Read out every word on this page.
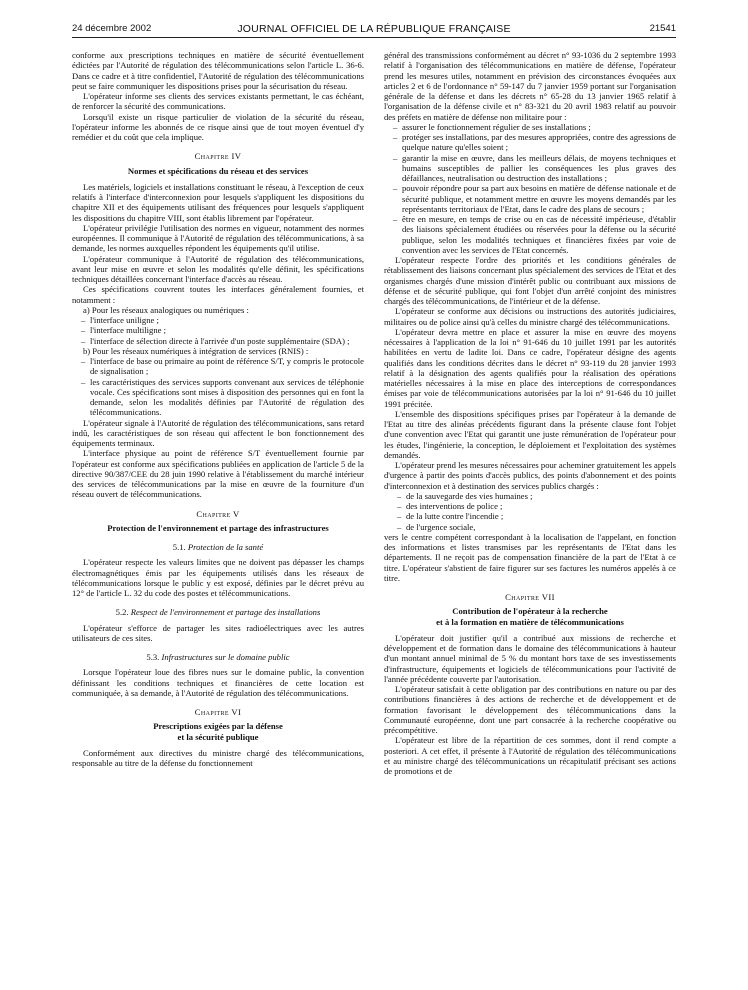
24 décembre 2002	JOURNAL OFFICIEL DE LA RÉPUBLIQUE FRANÇAISE	21541

conforme aux prescriptions techniques en matière de sécurité éventuellement édictées par l'Autorité de régulation des télécommunications selon l'article L. 36-6. Dans ce cadre et à titre confidentiel, l'Autorité de régulation des télécommunications peut se faire communiquer les dispositions prises pour la sécurisation du réseau.

L'opérateur informe ses clients des services existants permettant, le cas échéant, de renforcer la sécurité des communications.

Lorsqu'il existe un risque particulier de violation de la sécurité du réseau, l'opérateur informe les abonnés de ce risque ainsi que de tout moyen éventuel d'y remédier et du coût que cela implique.

Chapitre IV
Normes et spécifications du réseau et des services

Les matériels, logiciels et installations constituant le réseau, à l'exception de ceux relatifs à l'interface d'interconnexion pour lesquels s'appliquent les dispositions du chapitre XII et des équipements utilisant des fréquences pour lesquels s'appliquent les dispositions du chapitre VIII, sont établis librement par l'opérateur.

L'opérateur privilégie l'utilisation des normes en vigueur, notamment des normes européennes. Il communique à l'Autorité de régulation des télécommunications, à sa demande, les normes auxquelles répondent les équipements qu'il utilise.

L'opérateur communique à l'Autorité de régulation des télécommunications, avant leur mise en œuvre et selon les modalités qu'elle définit, les spécifications techniques détaillées concernant l'interface d'accès au réseau.

Ces spécifications couvrent toutes les interfaces généralement fournies, et notamment :

a) Pour les réseaux analogiques ou numériques :
– l'interface uniligne ;
– l'interface multiligne ;
– l'interface de sélection directe à l'arrivée d'un poste supplémentaire (SDA) ;
b) Pour les réseaux numériques à intégration de services (RNIS) :
– l'interface de base ou primaire au point de référence S/T, y compris le protocole de signalisation ;
– les caractéristiques des services supports convenant aux services de téléphonie vocale. Ces spécifications sont mises à disposition des personnes qui en font la demande, selon les modalités définies par l'Autorité de régulation des télécommunications.

L'opérateur signale à l'Autorité de régulation des télécommunications, sans retard indû, les caractéristiques de son réseau qui affectent le bon fonctionnement des équipements terminaux.

L'interface physique au point de référence S/T éventuellement fournie par l'opérateur est conforme aux spécifications publiées en application de l'article 5 de la directive 90/387/CEE du 28 juin 1990 relative à l'établissement du marché intérieur des services de télécommunications par la mise en œuvre de la fourniture d'un réseau ouvert de télécommunications.

Chapitre V
Protection de l'environnement et partage des infrastructures
5.1. Protection de la santé

L'opérateur respecte les valeurs limites que ne doivent pas dépasser les champs électromagnétiques émis par les équipements utilisés dans les réseaux de télécommunications lorsque le public y est exposé, définies par le décret prévu au 12° de l'article L. 32 du code des postes et télécommunications.

5.2. Respect de l'environnement et partage des installations

L'opérateur s'efforce de partager les sites radioélectriques avec les autres utilisateurs de ces sites.

5.3. Infrastructures sur le domaine public

Lorsque l'opérateur loue des fibres nues sur le domaine public, la convention définissant les conditions techniques et financières de cette location est communiquée, à sa demande, à l'Autorité de régulation des télécommunications.

Chapitre VI
Prescriptions exigées par la défense
et la sécurité publique

Conformément aux directives du ministre chargé des télécommunications, responsable au titre de la défense du fonctionnement

général des transmissions conformément au décret n° 93-1036 du 2 septembre 1993 relatif à l'organisation des télécommunications en matière de défense, l'opérateur prend les mesures utiles, notamment en prévision des circonstances évoquées aux articles 2 et 6 de l'ordonnance n° 59-147 du 7 janvier 1959 portant sur l'organisation générale de la défense et dans les décrets n° 65-28 du 13 janvier 1965 relatif à l'organisation de la défense civile et n° 83-321 du 20 avril 1983 relatif au pouvoir des préfets en matière de défense non militaire pour :

– assurer le fonctionnement régulier de ses installations ;
– protéger ses installations, par des mesures appropriées, contre des agressions de quelque nature qu'elles soient ;
– garantir la mise en œuvre, dans les meilleurs délais, de moyens techniques et humains susceptibles de pallier les conséquences les plus graves des défaillances, neutralisation ou destruction des installations ;
– pouvoir répondre pour sa part aux besoins en matière de défense nationale et de sécurité publique, et notamment mettre en œuvre les moyens demandés par les représentants territoriaux de l'Etat, dans le cadre des plans de secours ;
– être en mesure, en temps de crise ou en cas de nécessité impérieuse, d'établir des liaisons spécialement étudiées ou réservées pour la défense ou la sécurité publique, selon les modalités techniques et financières fixées par voie de convention avec les services de l'Etat concernés.

L'opérateur respecte l'ordre des priorités et les conditions générales de rétablissement des liaisons concernant plus spécialement des services de l'Etat et des organismes chargés d'une mission d'intérêt public ou contribuant aux missions de défense et de sécurité publique, qui font l'objet d'un arrêté conjoint des ministres chargés des télécommunications, de l'intérieur et de la défense.

L'opérateur se conforme aux décisions ou instructions des autorités judiciaires, militaires ou de police ainsi qu'à celles du ministre chargé des télécommunications.

L'opérateur devra mettre en place et assurer la mise en œuvre des moyens nécessaires à l'application de la loi n° 91-646 du 10 juillet 1991 par les autorités habilitées en vertu de ladite loi. Dans ce cadre, l'opérateur désigne des agents qualifiés dans les conditions décrites dans le décret n° 93-119 du 28 janvier 1993 relatif à la désignation des agents qualifiés pour la réalisation des opérations matérielles nécessaires à la mise en place des interceptions de correspondances émises par voie de télécommunications autorisées par la loi n° 91-646 du 10 juillet 1991 précitée.

L'ensemble des dispositions spécifiques prises par l'opérateur à la demande de l'Etat au titre des alinéas précédents figurant dans la présente clause font l'objet d'une convention avec l'Etat qui garantit une juste rémunération de l'opérateur pour les études, l'ingénierie, la conception, le déploiement et l'exploitation des systèmes demandés.

L'opérateur prend les mesures nécessaires pour acheminer gratuitement les appels d'urgence à partir des points d'accès publics, des points d'abonnement et des points d'interconnexion et à destination des services publics chargés :

– de la sauvegarde des vies humaines ;
– des interventions de police ;
– de la lutte contre l'incendie ;
– de l'urgence sociale,

vers le centre compétent correspondant à la localisation de l'appelant, en fonction des informations et listes transmises par les représentants de l'Etat dans les départements. Il ne reçoit pas de compensation financière de la part de l'Etat à ce titre. L'opérateur s'abstient de faire figurer sur ses factures les numéros appelés à ce titre.

Chapitre VII
Contribution de l'opérateur à la recherche
et à la formation en matière de télécommunications

L'opérateur doit justifier qu'il a contribué aux missions de recherche et développement et de formation dans le domaine des télécommunications à hauteur d'un montant annuel minimal de 5 % du montant hors taxe de ses investissements d'infrastructure, équipements et logiciels de télécommunications pour l'activité de l'année précédente couverte par l'autorisation.

L'opérateur satisfait à cette obligation par des contributions en nature ou par des contributions financières à des actions de recherche et de développement et de formation favorisant le développement des télécommunications dans la Communauté européenne, dont une part consacrée à la recherche coopérative ou précompétitive.

L'opérateur est libre de la répartition de ces sommes, dont il rend compte a posteriori. A cet effet, il présente à l'Autorité de régulation des télécommunications et au ministre chargé des télécommunications un récapitulatif précisant ses actions de promotions et de
